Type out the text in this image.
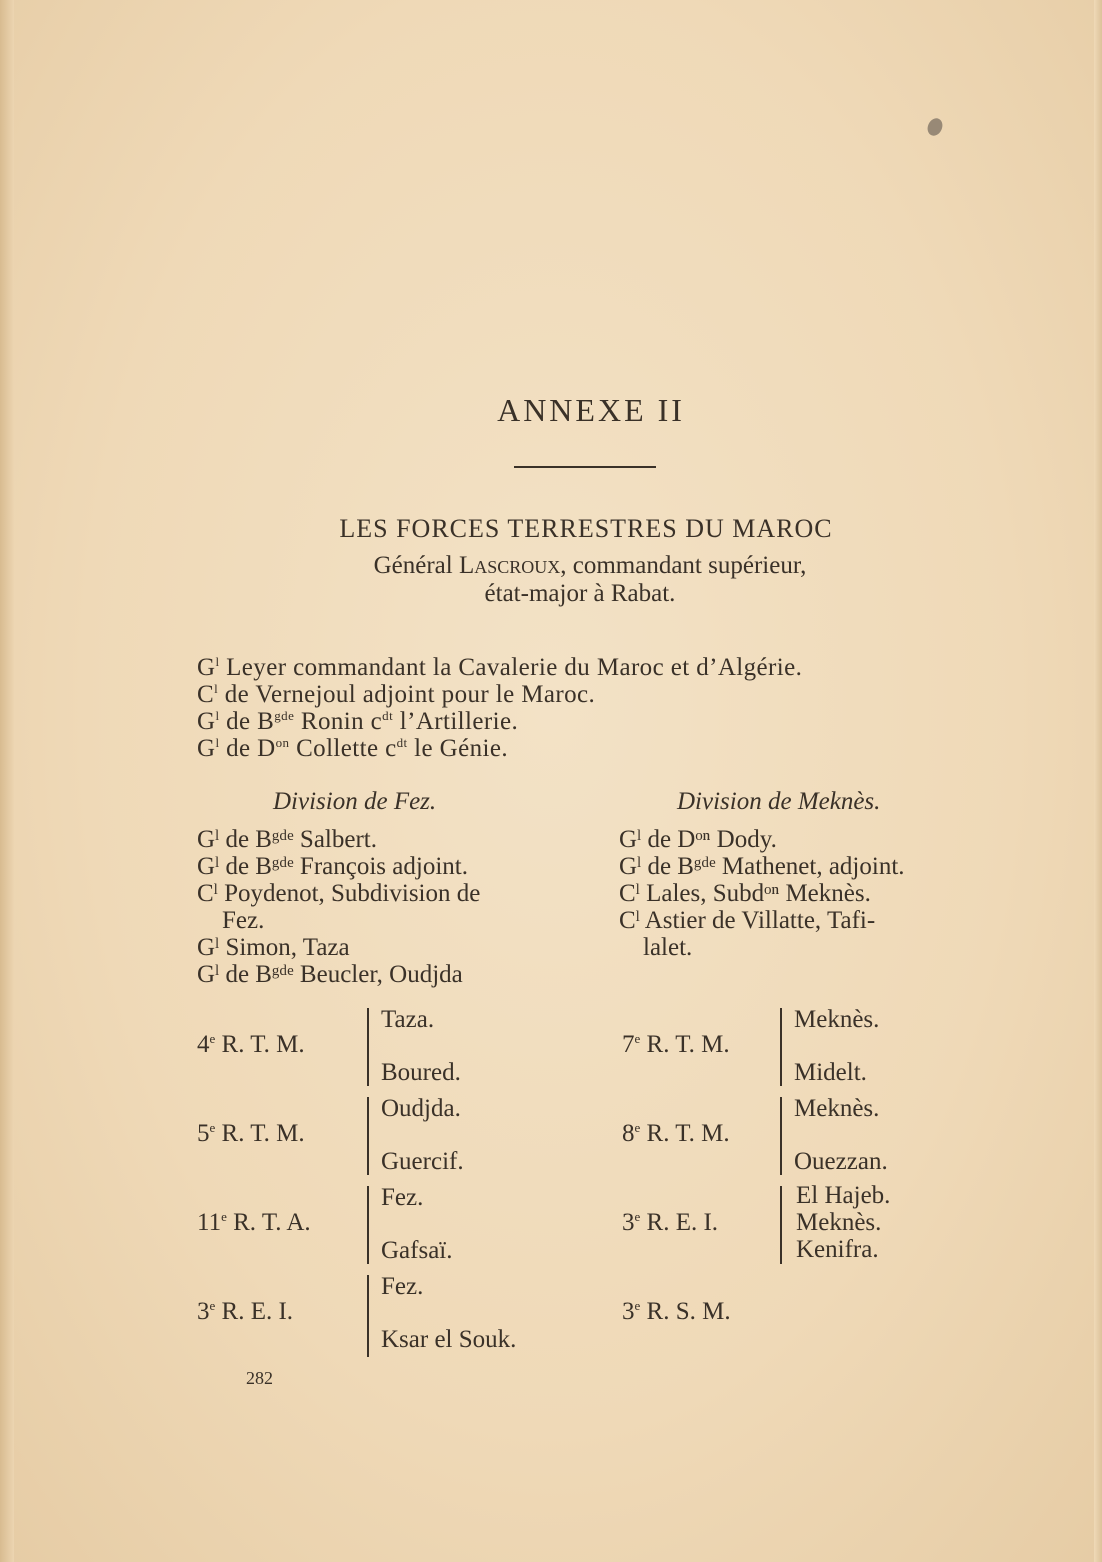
ANNEXE II
LES FORCES TERRESTRES DU MAROC
Général Lascroux, commandant supérieur,
état-major à Rabat.
$G^l$ Leyer commandant la Cavalerie du Maroc et d’Algérie.
$C^l$ de Vernejoul adjoint pour le Maroc.
$G^l$ de $B^{gde}$ Ronin $c^{dt}$ l’Artillerie.
$G^l$ de $D^{on}$ Collette $c^{dt}$ le Génie.
Division de Fez.	Division de Meknès.
Gˡ de Bᵍᵈᵉ Salbert.
Gˡ de Bᵍᵈᵉ François adjoint.
Cˡ Poydenot, Subdivision de
Fez.
Gˡ Simon, Taza
Gˡ de Bᵍᵈᵉ Beucler, Oudjda
Gˡ de Dᵒⁿ Dody.
Gˡ de Bᵍᵈᵉ Mathenet, adjoint.
Cˡ Lales, Subdᵒⁿ Meknès.
Cˡ Astier de Villatte, Tafi-
lalet.
4e R. T. M.
Taza.
Boured.
5e R. T. M.
Oudjda.
Guercif.
11e R. T. A.
Fez.
Gafsaï.
3e R. E. I.
Fez.
Ksar el Souk.
7e R. T. M.
Meknès.
Midelt.
8e R. T. M.
Meknès.
Ouezzan.
3e R. E. I.
El Hajeb.
Meknès.
Kenifra.
3e R. S. M.
282
